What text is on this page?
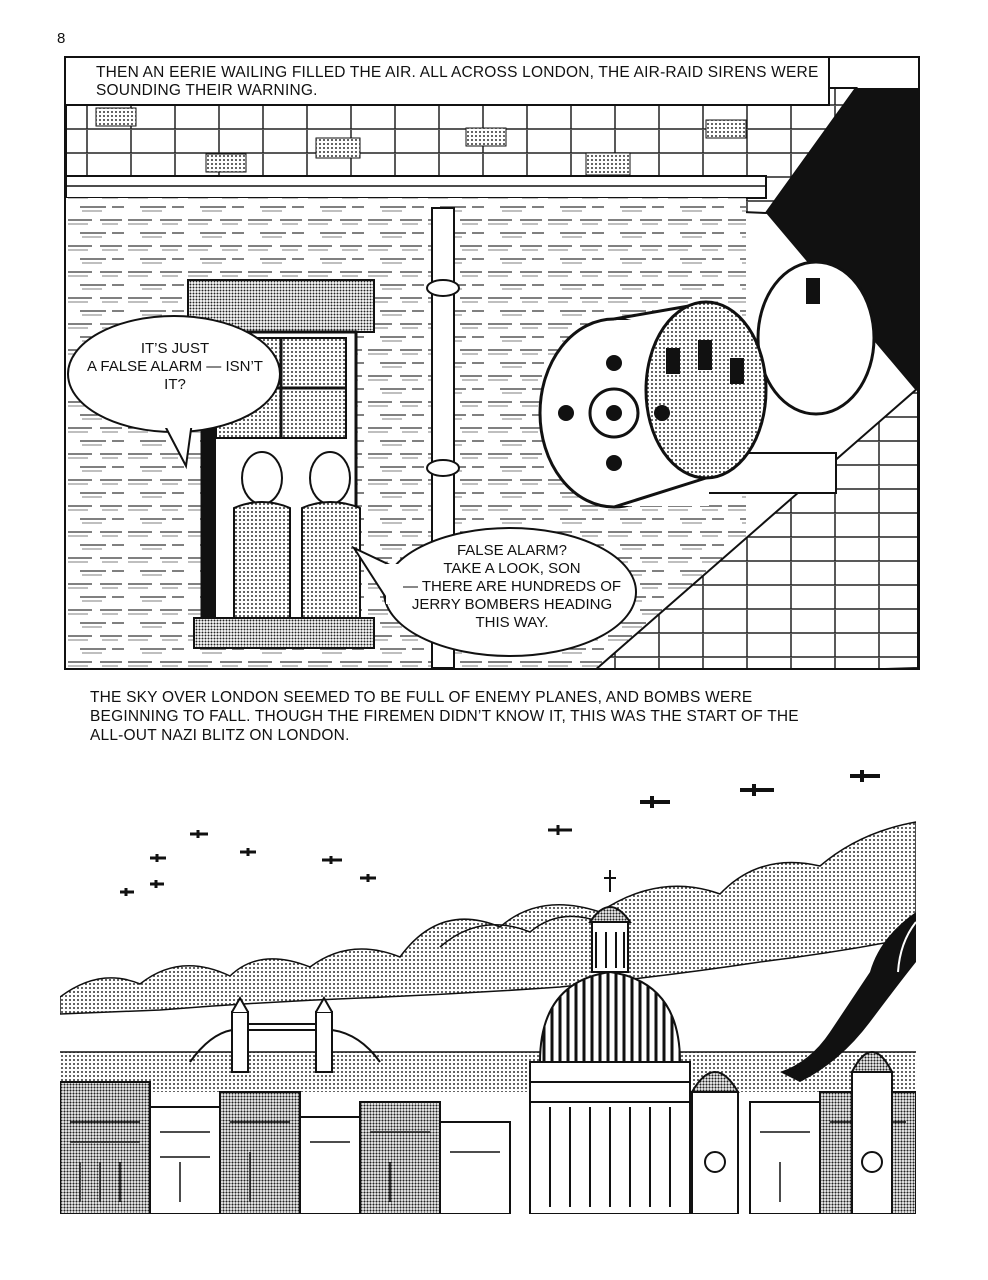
8
THEN AN EERIE WAILING FILLED THE AIR. ALL ACROSS LONDON, THE AIR-RAID SIRENS WERE
SOUNDING THEIR WARNING.
IT’S JUST
A FALSE ALARM — ISN’T
IT?
FALSE ALARM?
TAKE A LOOK, SON
— THERE ARE HUNDREDS OF
JERRY BOMBERS HEADING
THIS WAY.
THE SKY OVER LONDON SEEMED TO BE FULL OF ENEMY PLANES, AND BOMBS WERE
BEGINNING TO FALL. THOUGH THE FIREMEN DIDN’T KNOW IT, THIS WAS THE START OF THE
ALL-OUT NAZI BLITZ ON LONDON.
